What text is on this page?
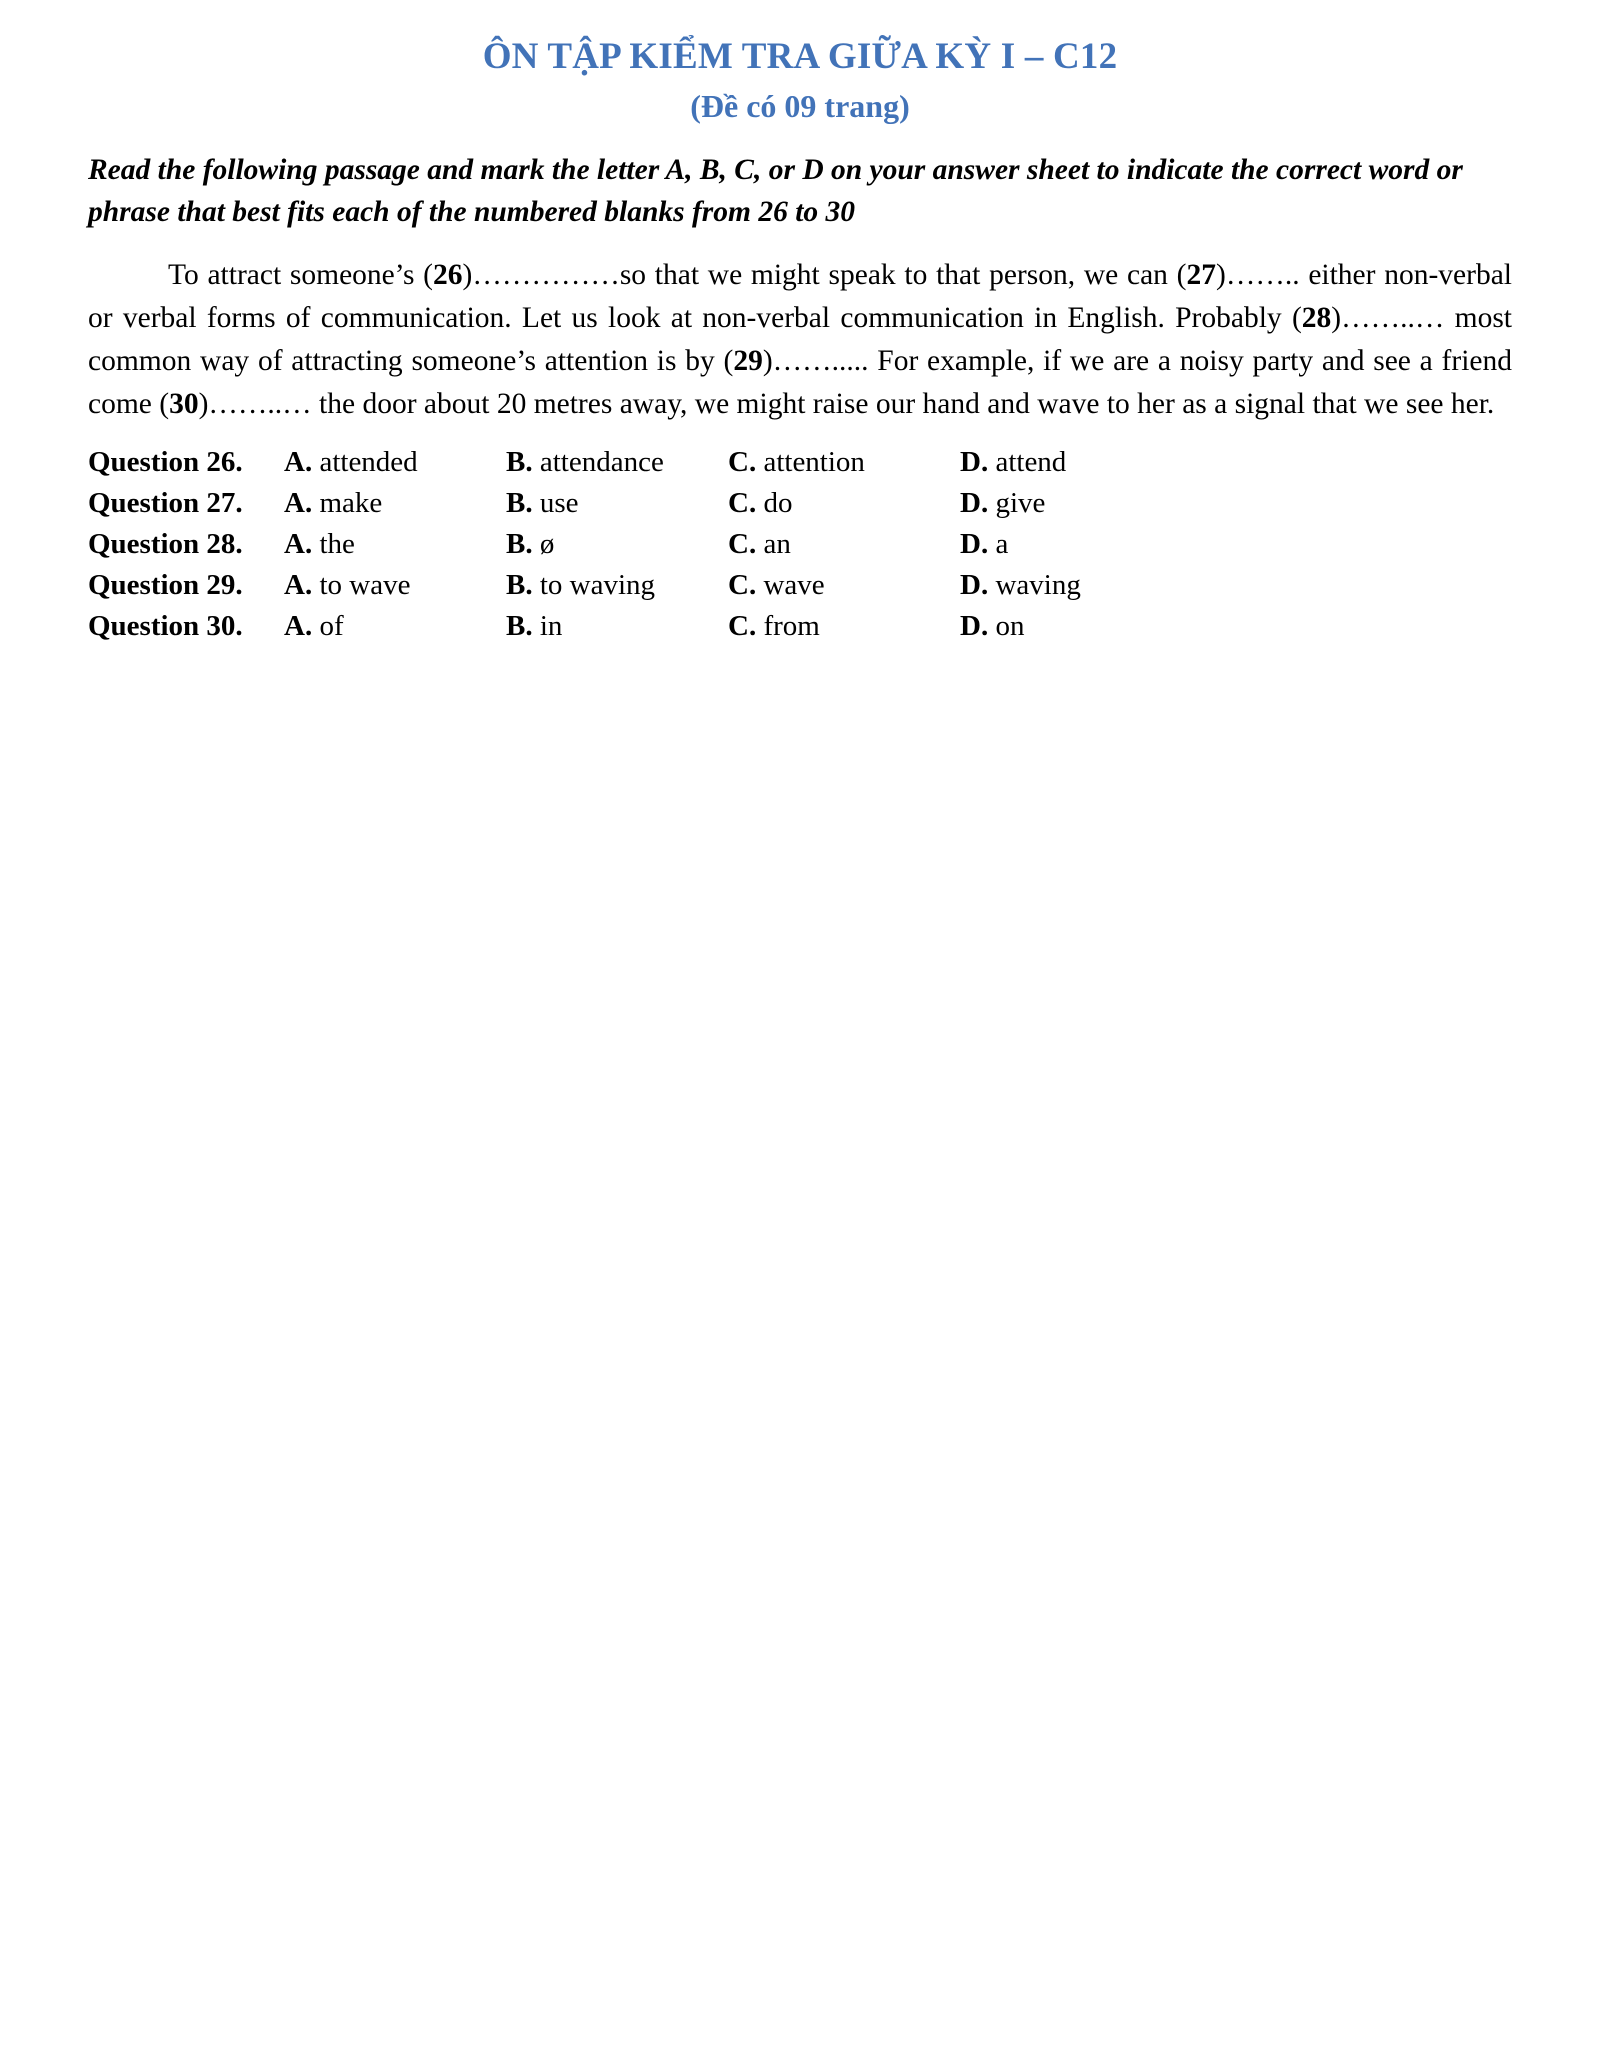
ÔN TẬP KIỂM TRA GIỮA KỲ I – C12
(Đề có 09 trang)

Read the following passage and mark the letter A, B, C, or D on your answer sheet to indicate the correct word or phrase that best fits each of the numbered blanks from 26 to 30

To attract someone’s (26)……………so that we might speak to that person, we can (27)…….. either non-verbal or verbal forms of communication. Let us look at non-verbal communication in English. Probably (28)……..… most common way of attracting someone’s attention is by (29)……..... For example, if we are a noisy party and see a friend come (30)……..… the door about 20 metres away, we might raise our hand and wave to her as a signal that we see her.

Question 26.	A. attended	B. attendance	C. attention	D. attend
Question 27.	A. make	B. use	C. do	D. give
Question 28.	A. the	B. ø	C. an	D. a
Question 29.	A. to wave	B. to waving	C. wave	D. waving
Question 30.	A. of	B. in	C. from	D. on
